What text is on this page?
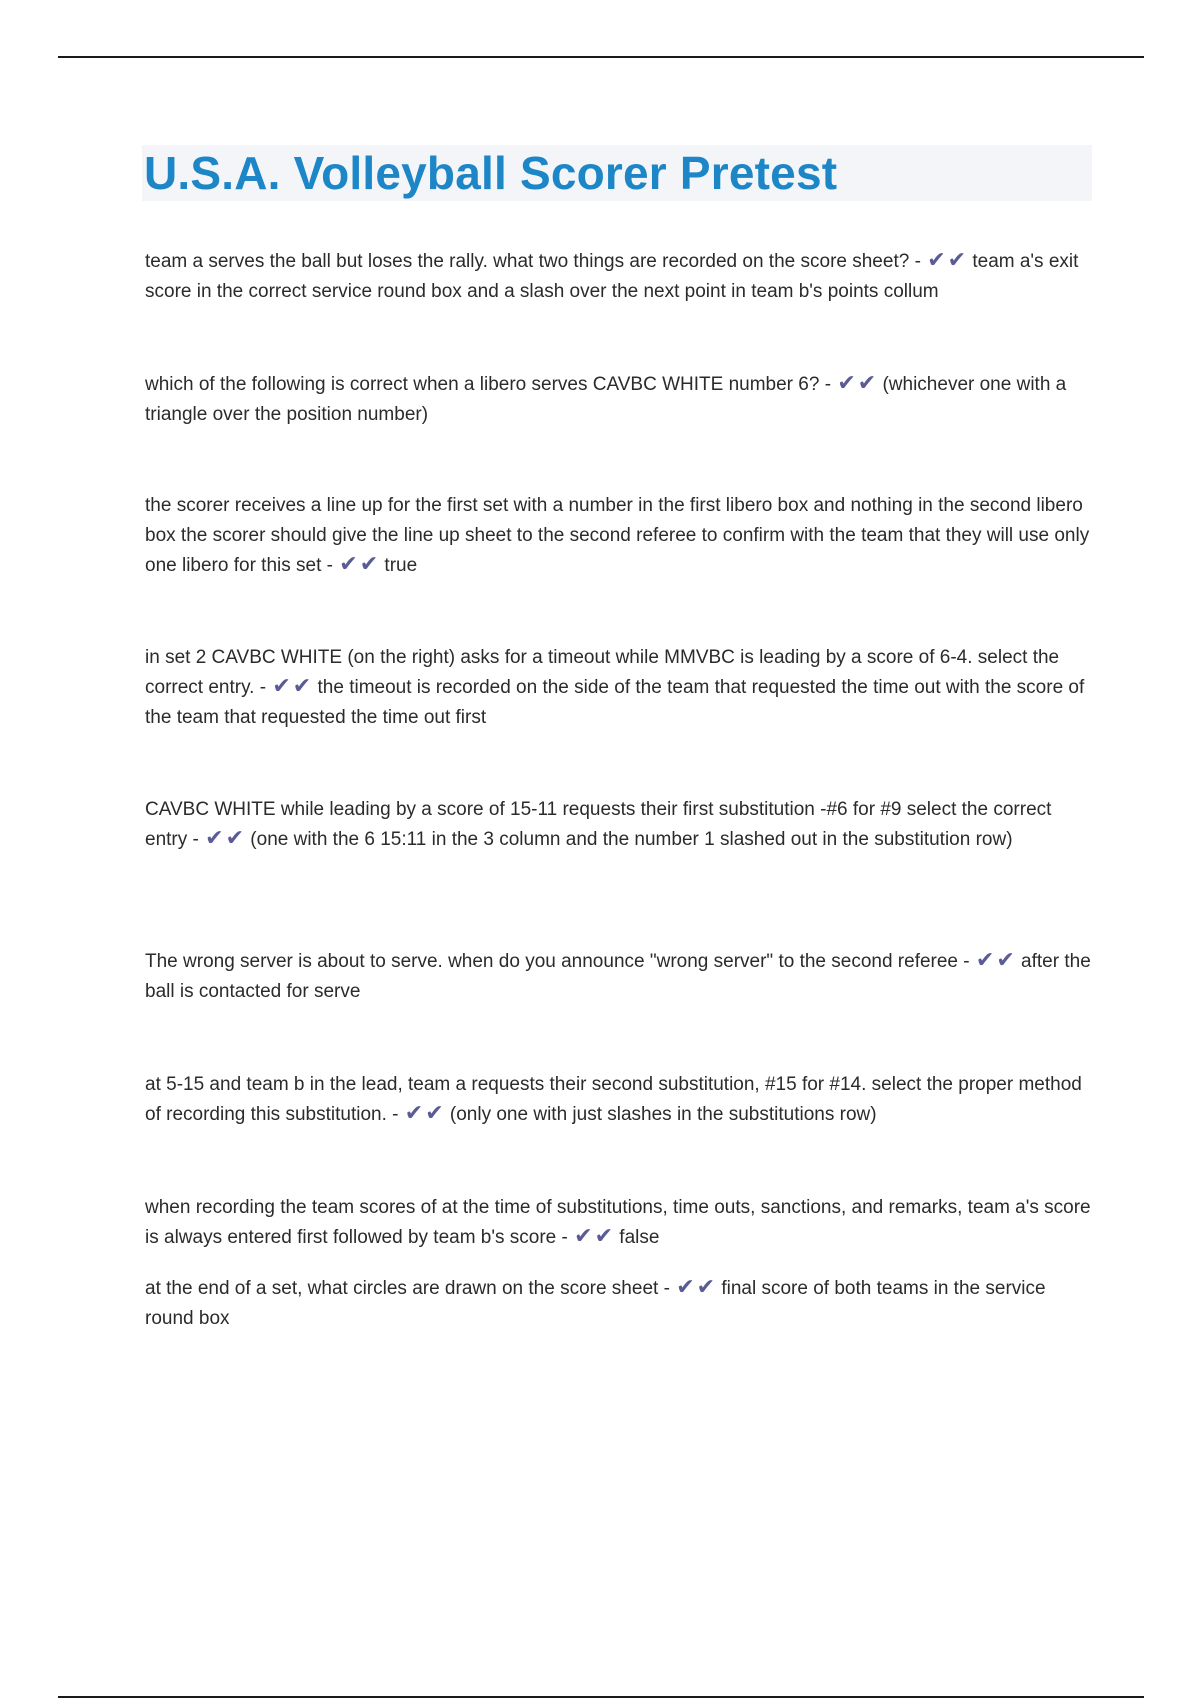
U.S.A. Volleyball Scorer Pretest

team a serves the ball but loses the rally. what two things are recorded on the score sheet? - ✔✔ team a's exit score in the correct service round box and a slash over the next point in team b's points collum

which of the following is correct when a libero serves CAVBC WHITE number 6? - ✔✔ (whichever one with a triangle over the position number)

the scorer receives a line up for the first set with a number in the first libero box and nothing in the second libero box the scorer should give the line up sheet to the second referee to confirm with the team that they will use only one libero for this set - ✔✔ true

in set 2 CAVBC WHITE (on the right) asks for a timeout while MMVBC is leading by a score of 6-4. select the correct entry. - ✔✔ the timeout is recorded on the side of the team that requested the time out with the score of the team that requested the time out first

CAVBC WHITE while leading by a score of 15-11 requests their first substitution -#6 for #9 select the correct entry - ✔✔ (one with the 6 15:11 in the 3 column and the number 1 slashed out in the substitution row)

The wrong server is about to serve. when do you announce "wrong server" to the second referee - ✔✔ after the ball is contacted for serve

at 5-15 and team b in the lead, team a requests their second substitution, #15 for #14. select the proper method of recording this substitution. - ✔✔ (only one with just slashes in the substitutions row)

when recording the team scores of at the time of substitutions, time outs, sanctions, and remarks, team a's score is always entered first followed by team b's score - ✔✔ false

at the end of a set, what circles are drawn on the score sheet - ✔✔ final score of both teams in the service round box
